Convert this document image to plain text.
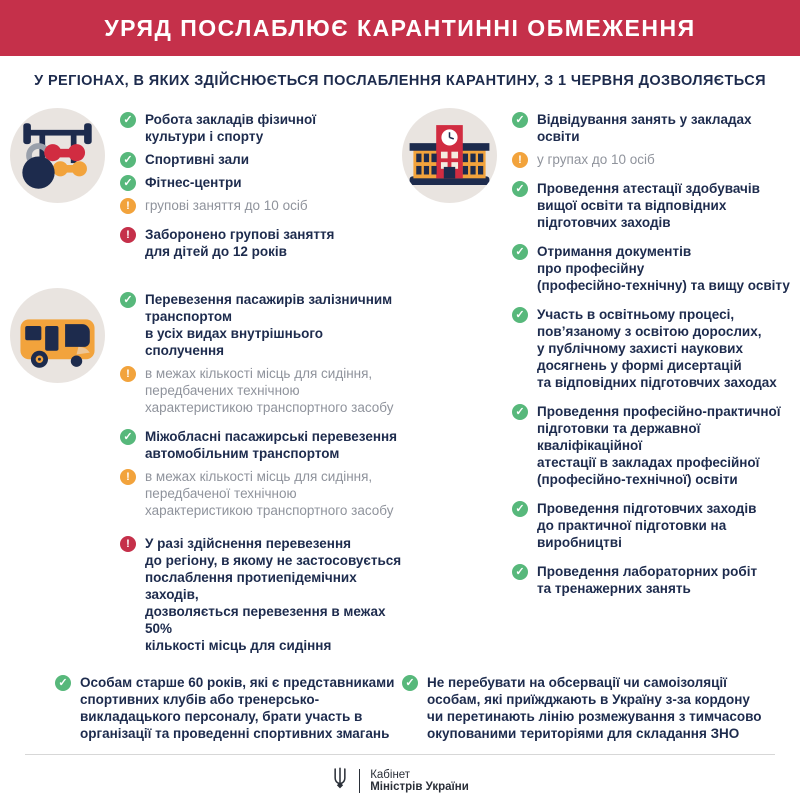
УРЯД ПОСЛАБЛЮЄ КАРАНТИННІ ОБМЕЖЕННЯ
У РЕГІОНАХ, В ЯКИХ ЗДІЙСНЮЄТЬСЯ ПОСЛАБЛЕННЯ КАРАНТИНУ, З 1 ЧЕРВНЯ ДОЗВОЛЯЄТЬСЯ
✓ Робота закладів фізичної
культури і спорту
✓ Спортивні зали
✓ Фітнес-центри
!	групові заняття до 10 осіб
!	Заборонено групові заняття
для дітей до 12 років
✓ Перевезення пасажирів залізничним транспортом
в усіх видах внутрішнього сполучення
!	в межах кількості місць для сидіння,
передбачених технічною
характеристикою транспортного засобу
✓ Міжобласні пасажирські перевезення
автомобільним транспортом
!	в межах кількості місць для сидіння,
передбаченої технічною
характеристикою транспортного засобу
!	У разі здійснення перевезення
до регіону, в якому не застосовується
послаблення протиепідемічних заходів,
дозволяється перевезення в межах 50%
кількості місць для сидіння
✓ Відвідування занять у закладах освіти
!	у групах до 10 осіб
✓ Проведення атестації здобувачів
вищої освіти та відповідних
підготовчих заходів
✓ Отримання документів
про професійну
(професійно-технічну) та вищу освіту
✓ Участь в освітньому процесі,
пов’язаному з освітою дорослих,
у публічному захисті наукових
досягнень у формі дисертацій
та відповідних підготовчих заходах
✓ Проведення професійно-практичної
підготовки та державної кваліфікаційної
атестації в закладах професійної
(професійно-технічної) освіти
✓ Проведення підготовчих заходів
до практичної підготовки на виробництві
✓ Проведення лабораторних робіт
та тренажерних занять
✓ Особам старше 60 років, які є представниками
спортивних клубів або тренерсько-
викладацького персоналу, брати участь в
організації та проведенні спортивних змагань
✓ Не перебувати на обсервації чи самоізоляції
особам, які приїжджають в Україну з-за кордону
чи перетинають лінію розмежування з тимчасово
окупованими територіями для складання ЗНО
Кабінет
Міністрів України
